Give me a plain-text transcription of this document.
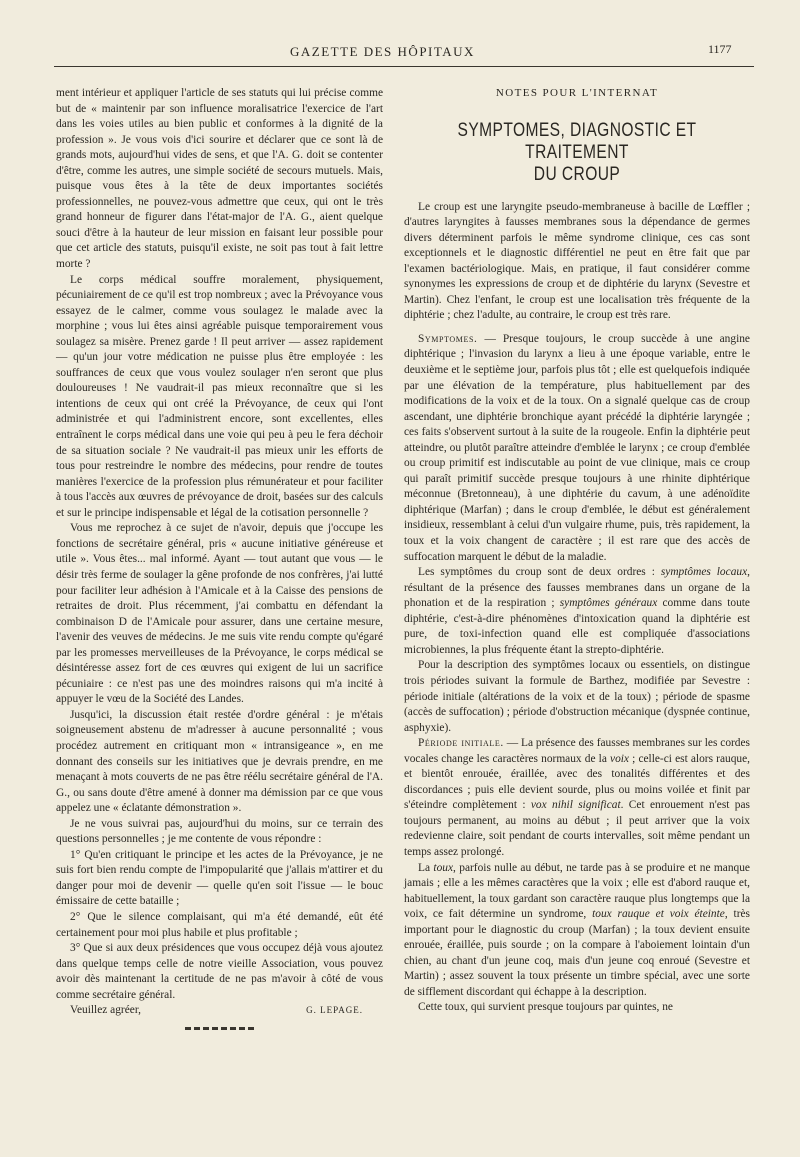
GAZETTE DES HÔPITAUX	1177

ment intérieur et appliquer l'article de ses statuts qui lui précise comme but de « maintenir par son influence moralisatrice l'exercice de l'art dans les voies utiles au bien public et conformes à la dignité de la profession ». Je vous vois d'ici sourire et déclarer que ce sont là de grands mots, aujourd'hui vides de sens, et que l'A. G. doit se contenter d'être, comme les autres, une simple société de secours mutuels. Mais, puisque vous êtes à la tête de deux importantes sociétés professionnelles, ne pouvez-vous admettre que ceux, qui ont le très grand honneur de figurer dans l'état-major de l'A. G., aient quelque souci d'être à la hauteur de leur mission en faisant leur possible pour que cet article des statuts, puisqu'il existe, ne soit pas tout à fait lettre morte ?

Le corps médical souffre moralement, physiquement, pécuniairement de ce qu'il est trop nombreux ; avec la Prévoyance vous essayez de le calmer, comme vous soulagez le malade avec la morphine ; vous lui êtes ainsi agréable puisque temporairement vous soulagez sa misère. Prenez garde ! Il peut arriver — assez rapidement — qu'un jour votre médication ne puisse plus être employée : les souffrances de ceux que vous voulez soulager n'en seront que plus douloureuses ! Ne vaudrait-il pas mieux reconnaître que si les intentions de ceux qui ont créé la Prévoyance, de ceux qui l'ont administrée et qui l'administrent encore, sont excellentes, elles entraînent le corps médical dans une voie qui peu à peu le fera déchoir de sa situation sociale ? Ne vaudrait-il pas mieux unir les efforts de tous pour restreindre le nombre des médecins, pour rendre de toutes manières l'exercice de la profession plus rémunérateur et pour faciliter à tous l'accès aux œuvres de prévoyance de droit, basées sur des calculs et sur le principe indispensable et légal de la cotisation personnelle ?

Vous me reprochez à ce sujet de n'avoir, depuis que j'occupe les fonctions de secrétaire général, pris « aucune initiative généreuse et utile ». Vous êtes... mal informé. Ayant — tout autant que vous — le désir très ferme de soulager la gêne profonde de nos confrères, j'ai lutté pour faciliter leur adhésion à l'Amicale et à la Caisse des pensions de retraites de droit. Plus récemment, j'ai combattu en défendant la combinaison D de l'Amicale pour assurer, dans une certaine mesure, l'avenir des veuves de médecins. Je me suis vite rendu compte qu'égaré par les promesses merveilleuses de la Prévoyance, le corps médical se désintéresse assez fort de ces œuvres qui exigent de lui un sacrifice pécuniaire : ce n'est pas une des moindres raisons qui m'a incité à appuyer le vœu de la Société des Landes.

Jusqu'ici, la discussion était restée d'ordre général : je m'étais soigneusement abstenu de m'adresser à aucune personnalité ; vous procédez autrement en critiquant mon « intransigeance », en me donnant des conseils sur les initiatives que je devrais prendre, en me menaçant à mots couverts de ne pas être réélu secrétaire général de l'A. G., ou sans doute d'être amené à donner ma démission par ce que vous appelez une « éclatante démonstration ».

Je ne vous suivrai pas, aujourd'hui du moins, sur ce terrain des questions personnelles ; je me contente de vous répondre :

1° Qu'en critiquant le principe et les actes de la Prévoyance, je ne suis fort bien rendu compte de l'impopularité que j'allais m'attirer et du danger pour moi de devenir — quelle qu'en soit l'issue — le bouc émissaire de cette bataille ;

2° Que le silence complaisant, qui m'a été demandé, eût été certainement pour moi plus habile et plus profitable ;

3° Que si aux deux présidences que vous occupez déjà vous ajoutez dans quelque temps celle de notre vieille Association, vous pouvez avoir dès maintenant la certitude de ne pas m'avoir à côté de vous comme secrétaire général.

Veuillez agréer,	G. LEPAGE.
NOTES POUR L'INTERNAT
SYMPTOMES, DIAGNOSTIC ET TRAITEMENT
DU CROUP

Le croup est une laryngite pseudo-membraneuse à bacille de Lœffler ; d'autres laryngites à fausses membranes sous la dépendance de germes divers déterminent parfois le même syndrome clinique, ces cas sont exceptionnels et le diagnostic différentiel ne peut en être fait que par l'examen bactériologique. Mais, en pratique, il faut considérer comme synonymes les expressions de croup et de diphtérie du larynx (Sevestre et Martin). Chez l'enfant, le croup est une localisation très fréquente de la diphtérie ; chez l'adulte, au contraire, le croup est très rare.

Symptomes. — Presque toujours, le croup succède à une angine diphtérique ; l'invasion du larynx a lieu à une époque variable, entre le deuxième et le septième jour, parfois plus tôt ; elle est quelquefois indiquée par une élévation de la température, plus habituellement par des modifications de la voix et de la toux. On a signalé quelque cas de croup ascendant, une diphtérie bronchique ayant précédé la diphtérie laryngée ; ces faits s'observent surtout à la suite de la rougeole. Enfin la diphtérie peut atteindre, ou plutôt paraître atteindre d'emblée le larynx ; ce croup d'emblée ou croup primitif est indiscutable au point de vue clinique, mais ce croup qui paraît primitif succède presque toujours à une rhinite diphtérique méconnue (Bretonneau), à une diphtérie du cavum, à une adénoïdite diphtérique (Marfan) ; dans le croup d'emblée, le début est généralement insidieux, ressemblant à celui d'un vulgaire rhume, puis, très rapidement, la toux et la voix changent de caractère ; il est rare que des accès de suffocation marquent le début de la maladie.

Les symptômes du croup sont de deux ordres : symptômes locaux, résultant de la présence des fausses membranes dans un organe de la phonation et de la respiration ; symptômes généraux comme dans toute diphtérie, c'est-à-dire phénomènes d'intoxication quand la diphtérie est pure, de toxi-infection quand elle est compliquée d'associations microbiennes, la plus fréquente étant la strepto-diphtérie.

Pour la description des symptômes locaux ou essentiels, on distingue trois périodes suivant la formule de Barthez, modifiée par Sevestre : période initiale (altérations de la voix et de la toux) ; période de spasme (accès de suffocation) ; période d'obstruction mécanique (dyspnée continue, asphyxie).

Période initiale. — La présence des fausses membranes sur les cordes vocales change les caractères normaux de la voix ; celle-ci est alors rauque, et bientôt enrouée, éraillée, avec des tonalités différentes et des discordances ; puis elle devient sourde, plus ou moins voilée et finit par s'éteindre complètement : vox nihil significat. Cet enrouement n'est pas toujours permanent, au moins au début ; il peut arriver que la voix redevienne claire, soit pendant de courts intervalles, soit même pendant un temps assez prolongé.

La toux, parfois nulle au début, ne tarde pas à se produire et ne manque jamais ; elle a les mêmes caractères que la voix ; elle est d'abord rauque et, habituellement, la toux gardant son caractère rauque plus longtemps que la voix, ce fait détermine un syndrome, toux rauque et voix éteinte, très important pour le diagnostic du croup (Marfan) ; la toux devient ensuite enrouée, éraillée, puis sourde ; on la compare à l'aboiement lointain d'un chien, au chant d'un jeune coq, mais d'un jeune coq enroué (Sevestre et Martin) ; assez souvent la toux présente un timbre spécial, avec une sorte de sifflement discordant qui échappe à la description.

Cette toux, qui survient presque toujours par quintes, ne
